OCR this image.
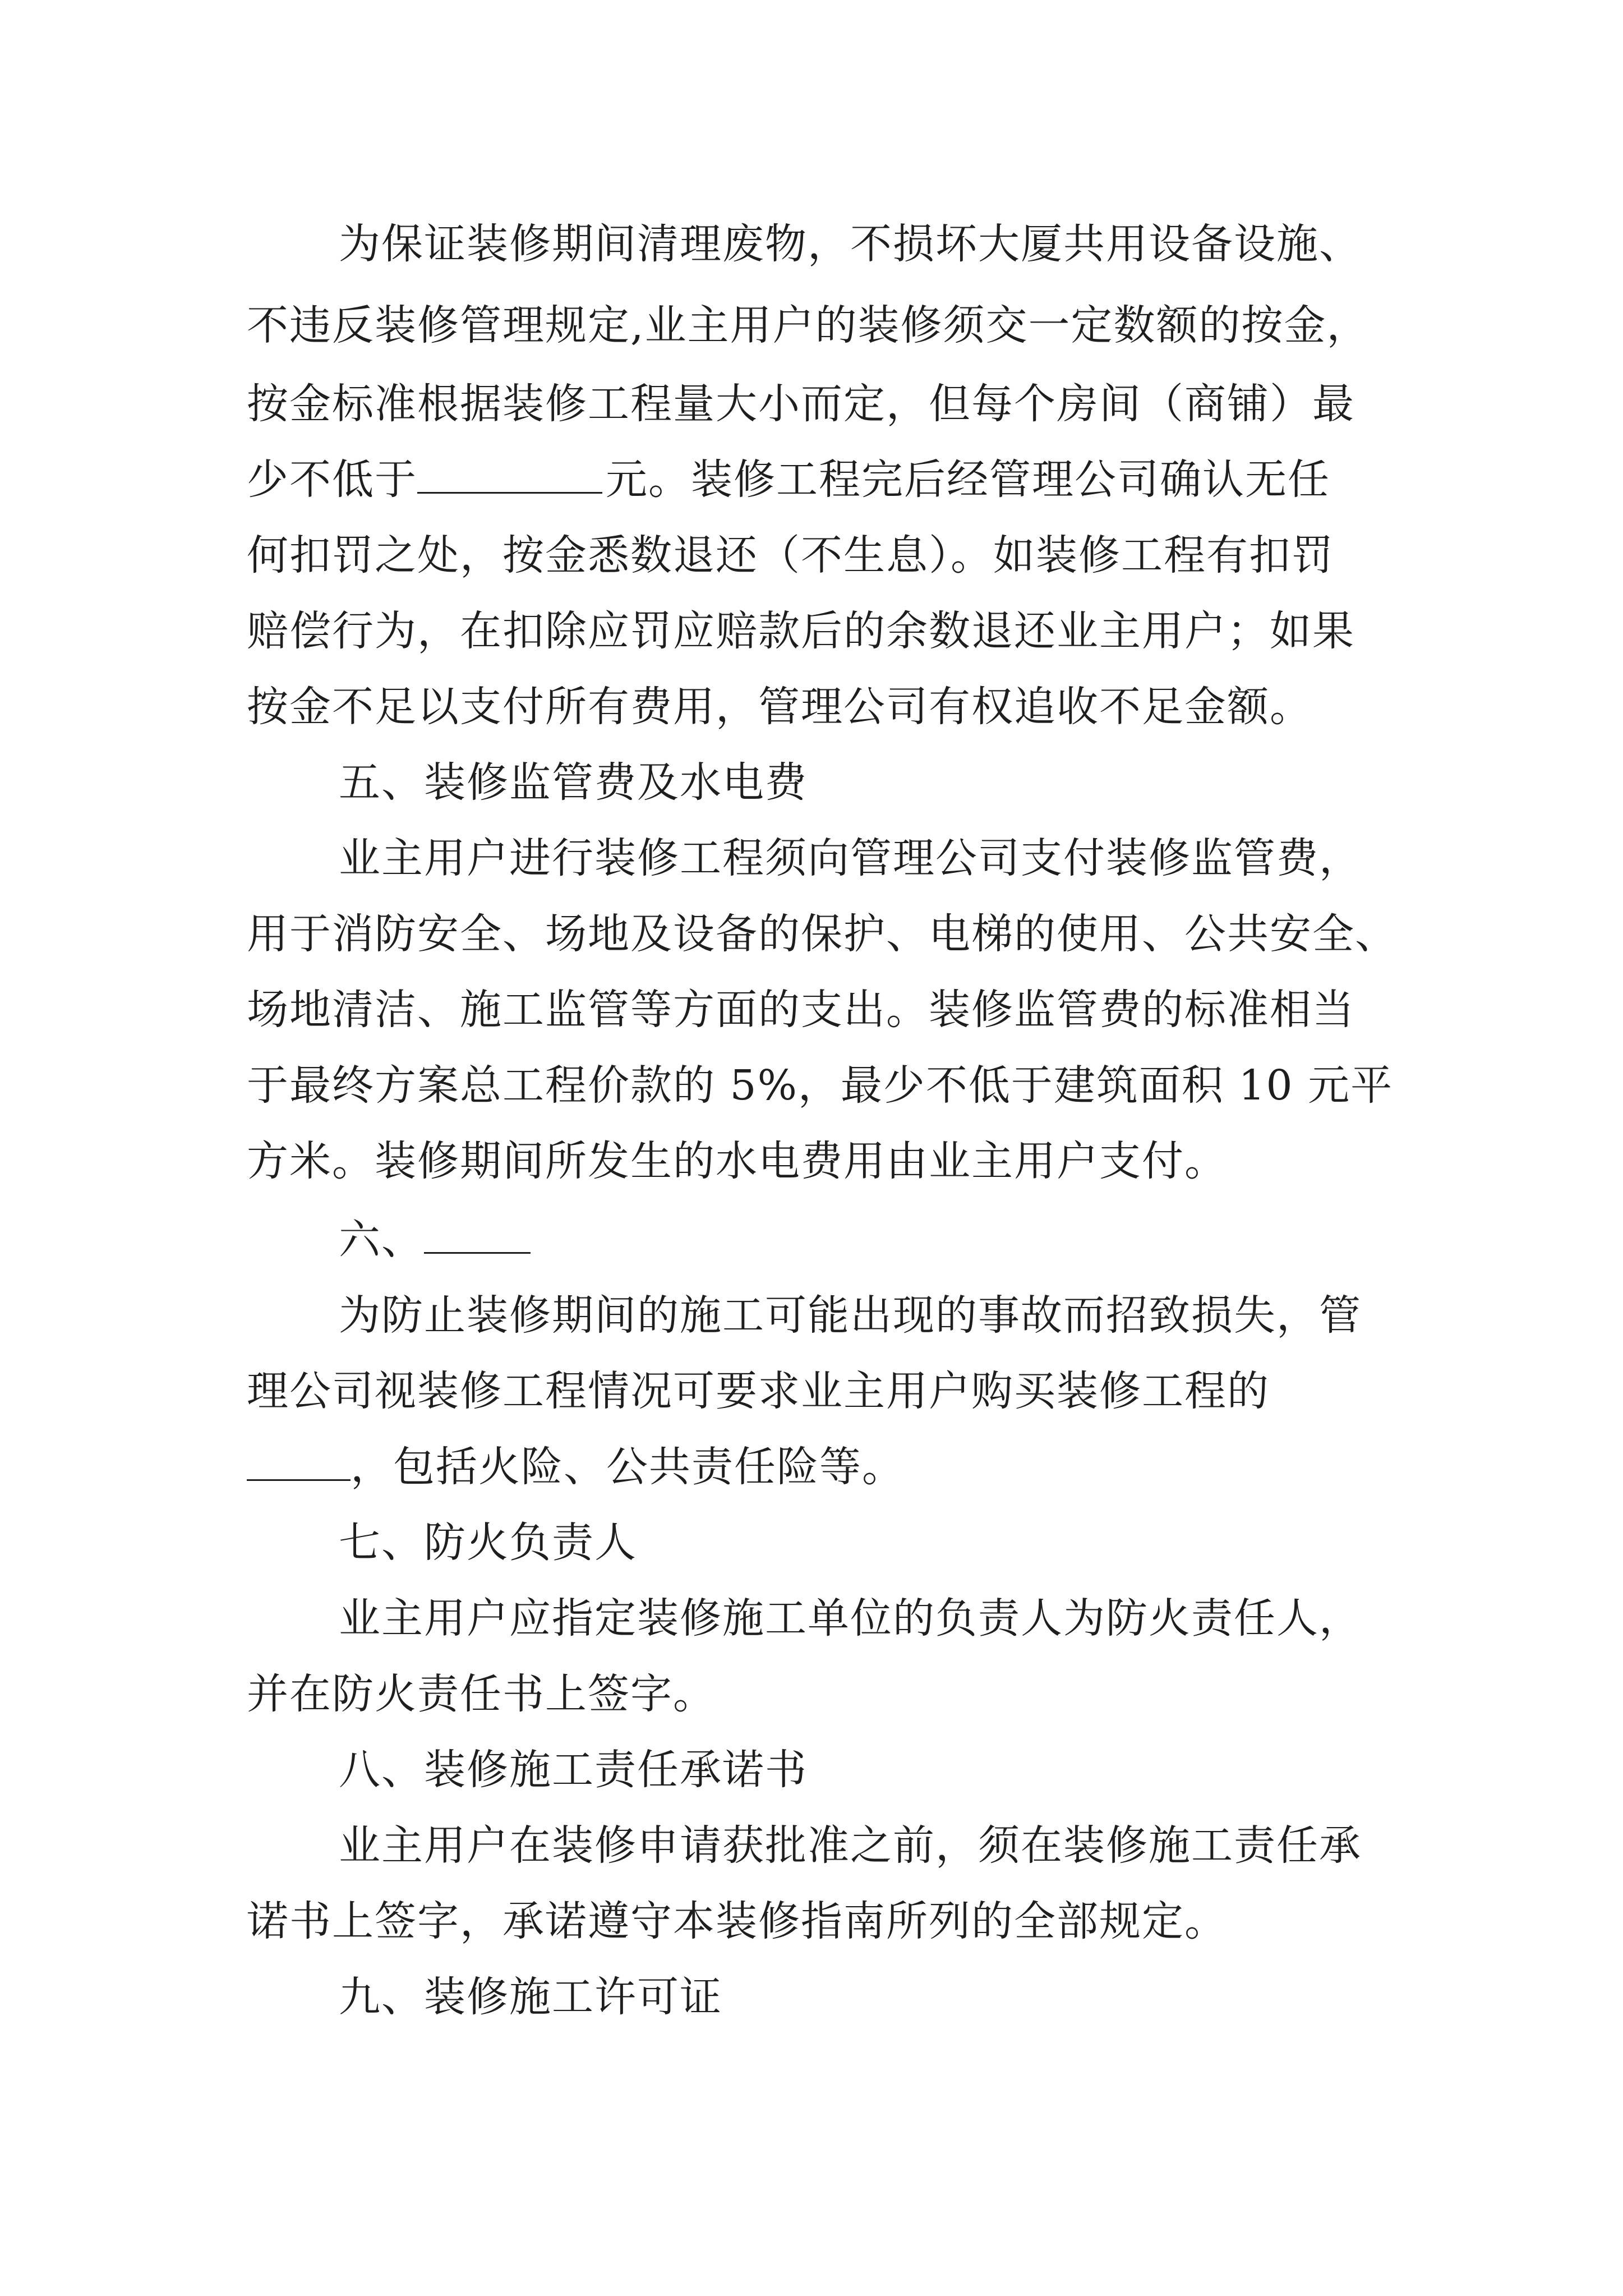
为保证装修期间清理废物，不损坏大厦共用设备设施、
不违反装修管理规定,业主用户的装修须交一定数额的按金，
按金标准根据装修工程量大小而定，但每个房间（商铺）最
少不低于	元。装修工程完后经管理公司确认无任
何扣罚之处，按金悉数退还（不生息）。如装修工程有扣罚
赔偿行为，在扣除应罚应赔款后的余数退还业主用户；如果
按金不足以支付所有费用，管理公司有权追收不足金额。
五、装修监管费及水电费
业主用户进行装修工程须向管理公司支付装修监管费，
用于消防安全、场地及设备的保护、电梯的使用、公共安全、
场地清洁、施工监管等方面的支出。装修监管费的标准相当
于最终方案总工程价款的 5%，最少不低于建筑面积 10 元平
方米。装修期间所发生的水电费用由业主用户支付。
六、
为防止装修期间的施工可能出现的事故而招致损失，管
理公司视装修工程情况可要求业主用户购买装修工程的
，包括火险、公共责任险等。
七、防火负责人
业主用户应指定装修施工单位的负责人为防火责任人，
并在防火责任书上签字。
八、装修施工责任承诺书
业主用户在装修申请获批准之前，须在装修施工责任承
诺书上签字，承诺遵守本装修指南所列的全部规定。
九、装修施工许可证
